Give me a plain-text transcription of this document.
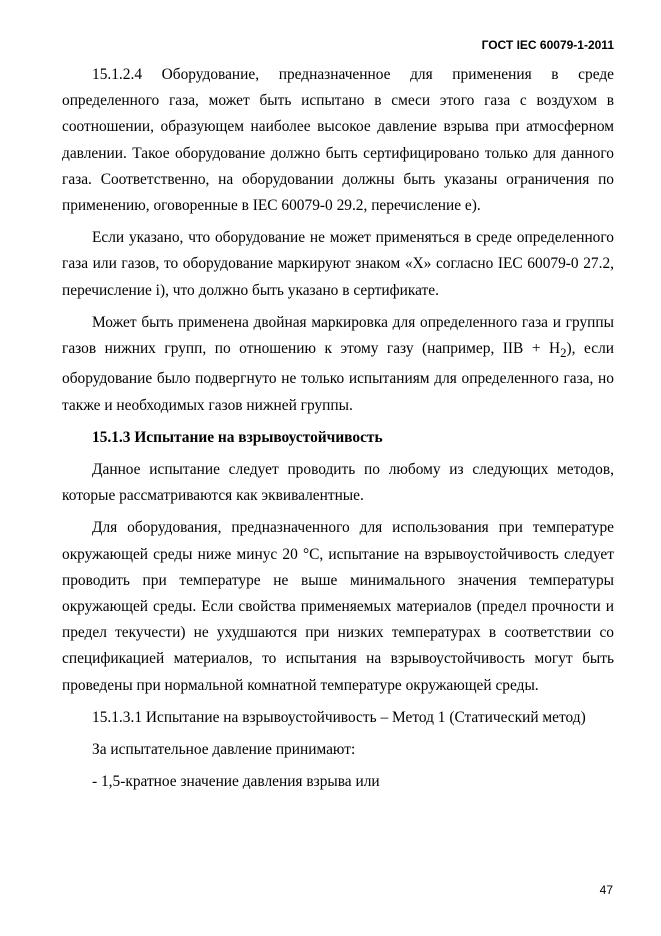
ГОСТ IEC 60079-1-2011

15.1.2.4 Оборудование, предназначенное для применения в среде определенного газа, может быть испытано в смеси этого газа с воздухом в соотношении, образующем наиболее высокое давление взрыва при атмосферном давлении. Такое оборудование должно быть сертифицировано только для данного газа. Соответственно, на оборудовании должны быть указаны ограничения по применению, оговоренные в IEC 60079-0 29.2, перечисление е).

Если указано, что оборудование не может применяться в среде определенного газа или газов, то оборудование маркируют знаком «Х» согласно IEC 60079-0 27.2, перечисление i), что должно быть указано в сертификате.

Может быть применена двойная маркировка для определенного газа и группы газов нижних групп, по отношению к этому газу (например, IIB + $H_2$), если оборудование было подвергнуто не только испытаниям для определенного газа, но также и необходимых газов нижней группы.

15.1.3 Испытание на взрывоустойчивость

Данное испытание следует проводить по любому из следующих методов, которые рассматриваются как эквивалентные.

Для оборудования, предназначенного для использования при температуре окружающей среды ниже минус 20 °С, испытание на взрывоустойчивость следует проводить при температуре не выше минимального значения температуры окружающей среды. Если свойства применяемых материалов (предел прочности и предел текучести) не ухудшаются при низких температурах в соответствии со спецификацией материалов, то испытания на взрывоустойчивость могут быть проведены при нормальной комнатной температуре окружающей среды.

15.1.3.1 Испытание на взрывоустойчивость – Метод 1 (Статический метод)

За испытательное давление принимают:

- 1,5-кратное значение давления взрыва или

47
